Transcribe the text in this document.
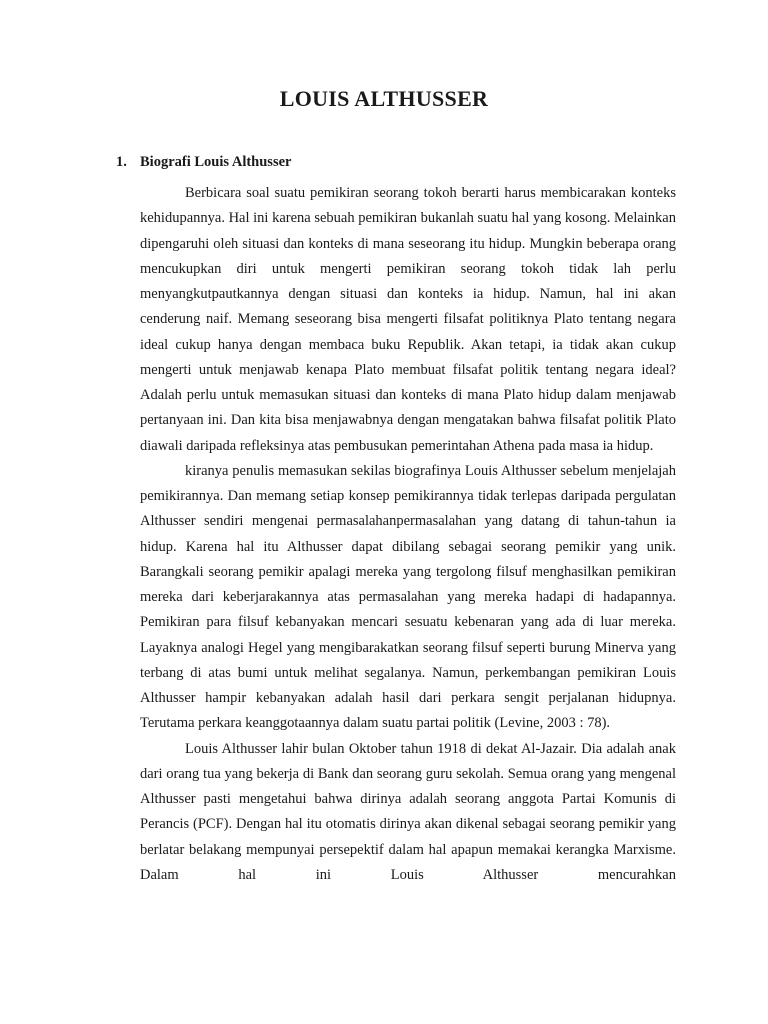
LOUIS ALTHUSSER
1. Biografi Louis Althusser

Berbicara soal suatu pemikiran seorang tokoh berarti harus membicarakan konteks kehidupannya. Hal ini karena sebuah pemikiran bukanlah suatu hal yang kosong. Melainkan dipengaruhi oleh situasi dan konteks di mana seseorang itu hidup. Mungkin beberapa orang mencukupkan diri untuk mengerti pemikiran seorang tokoh tidak lah perlu menyangkutpautkannya dengan situasi dan konteks ia hidup. Namun, hal ini akan cenderung naif. Memang seseorang bisa mengerti filsafat politiknya Plato tentang negara ideal cukup hanya dengan membaca buku Republik. Akan tetapi, ia tidak akan cukup mengerti untuk menjawab kenapa Plato membuat filsafat politik tentang negara ideal? Adalah perlu untuk memasukan situasi dan konteks di mana Plato hidup dalam menjawab pertanyaan ini. Dan kita bisa menjawabnya dengan mengatakan bahwa filsafat politik Plato diawali daripada refleksinya atas pembusukan pemerintahan Athena pada masa ia hidup.

kiranya penulis memasukan sekilas biografinya Louis Althusser sebelum menjelajah pemikirannya. Dan memang setiap konsep pemikirannya tidak terlepas daripada pergulatan Althusser sendiri mengenai permasalahanpermasalahan yang datang di tahun-tahun ia hidup. Karena hal itu Althusser dapat dibilang sebagai seorang pemikir yang unik. Barangkali seorang pemikir apalagi mereka yang tergolong filsuf menghasilkan pemikiran mereka dari keberjarakannya atas permasalahan yang mereka hadapi di hadapannya. Pemikiran para filsuf kebanyakan mencari sesuatu kebenaran yang ada di luar mereka. Layaknya analogi Hegel yang mengibarakatkan seorang filsuf seperti burung Minerva yang terbang di atas bumi untuk melihat segalanya. Namun, perkembangan pemikiran Louis Althusser hampir kebanyakan adalah hasil dari perkara sengit perjalanan hidupnya. Terutama perkara keanggotaannya dalam suatu partai politik (Levine, 2003 : 78).

Louis Althusser lahir bulan Oktober tahun 1918 di dekat Al-Jazair. Dia adalah anak dari orang tua yang bekerja di Bank dan seorang guru sekolah. Semua orang yang mengenal Althusser pasti mengetahui bahwa dirinya adalah seorang anggota Partai Komunis di Perancis (PCF). Dengan hal itu otomatis dirinya akan dikenal sebagai seorang pemikir yang berlatar belakang mempunyai persepektif dalam hal apapun memakai kerangka Marxisme. Dalam hal ini Louis Althusser mencurahkan
